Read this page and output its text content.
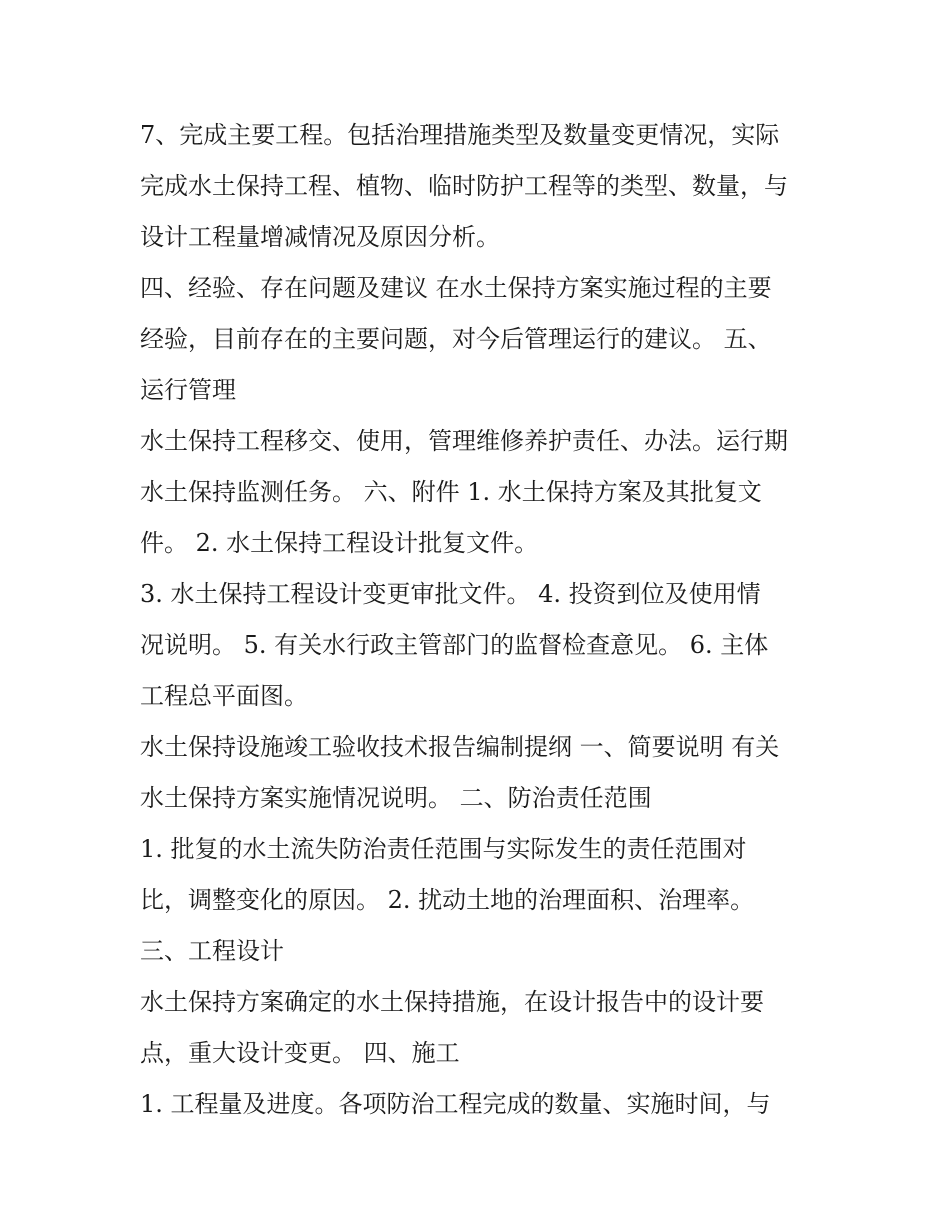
7、完成主要工程。包括治理措施类型及数量变更情况，实际
完成水土保持工程、植物、临时防护工程等的类型、数量，与
设计工程量增减情况及原因分析。
四、经验、存在问题及建议 在水土保持方案实施过程的主要
经验，目前存在的主要问题，对今后管理运行的建议。 五、
运行管理
水土保持工程移交、使用，管理维修养护责任、办法。运行期
水土保持监测任务。 六、附件 1. 水土保持方案及其批复文
件。 2. 水土保持工程设计批复文件。
3. 水土保持工程设计变更审批文件。 4. 投资到位及使用情
况说明。 5. 有关水行政主管部门的监督检查意见。 6. 主体
工程总平面图。
水土保持设施竣工验收技术报告编制提纲 一、简要说明 有关
水土保持方案实施情况说明。 二、防治责任范围
1. 批复的水土流失防治责任范围与实际发生的责任范围对
比，调整变化的原因。 2. 扰动土地的治理面积、治理率。
三、工程设计
水土保持方案确定的水土保持措施，在设计报告中的设计要
点，重大设计变更。 四、施工
1. 工程量及进度。各项防治工程完成的数量、实施时间，与
